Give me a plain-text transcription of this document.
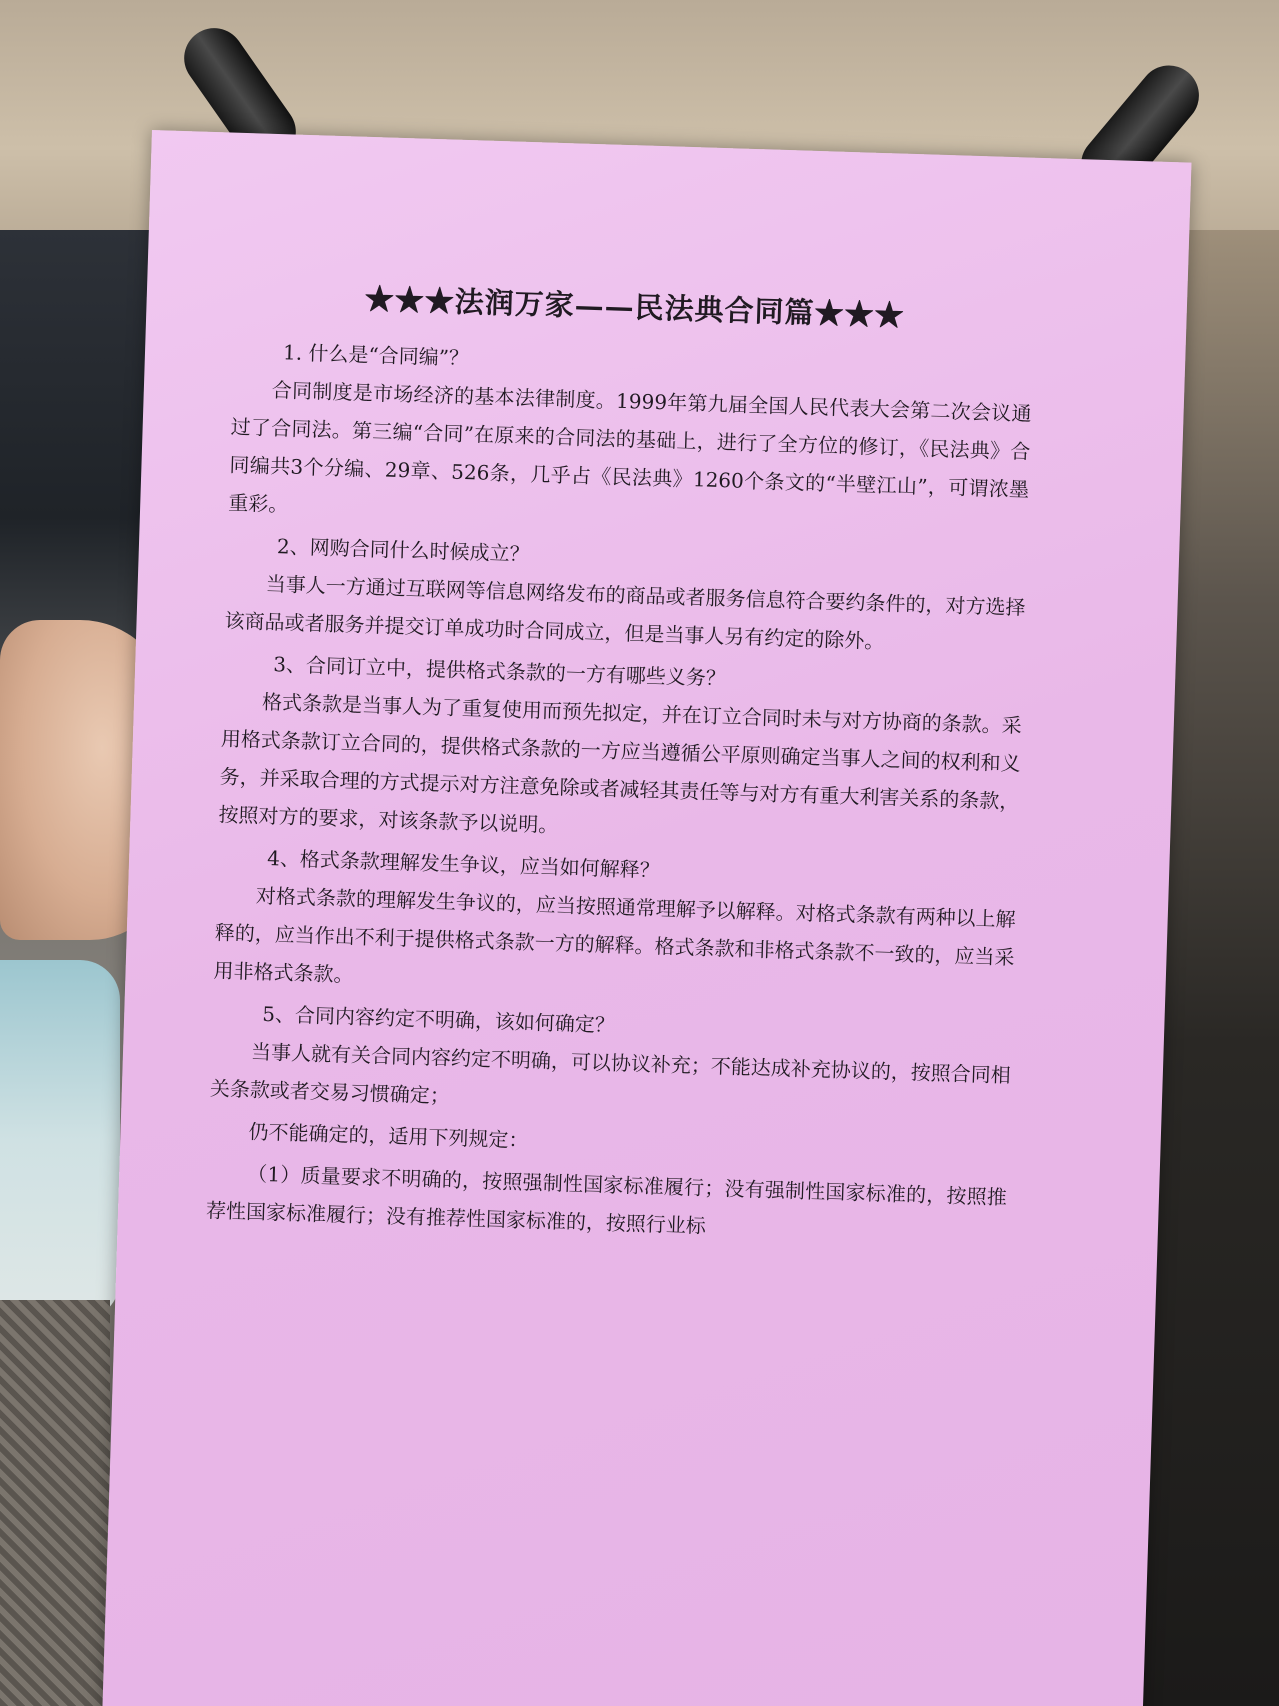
★★★法润万家——民法典合同篇★★★

1. 什么是“合同编”？

合同制度是市场经济的基本法律制度。1999年第九届全国人民代表大会第二次会议通过了合同法。第三编“合同”在原来的合同法的基础上，进行了全方位的修订，《民法典》合同编共3个分编、29章、526条，几乎占《民法典》1260个条文的“半壁江山”，可谓浓墨重彩。

2、网购合同什么时候成立？

当事人一方通过互联网等信息网络发布的商品或者服务信息符合要约条件的，对方选择该商品或者服务并提交订单成功时合同成立，但是当事人另有约定的除外。

3、合同订立中，提供格式条款的一方有哪些义务？

格式条款是当事人为了重复使用而预先拟定，并在订立合同时未与对方协商的条款。采用格式条款订立合同的，提供格式条款的一方应当遵循公平原则确定当事人之间的权利和义务，并采取合理的方式提示对方注意免除或者减轻其责任等与对方有重大利害关系的条款，按照对方的要求，对该条款予以说明。

4、格式条款理解发生争议，应当如何解释？

对格式条款的理解发生争议的，应当按照通常理解予以解释。对格式条款有两种以上解释的，应当作出不利于提供格式条款一方的解释。格式条款和非格式条款不一致的，应当采用非格式条款。

5、合同内容约定不明确，该如何确定？

当事人就有关合同内容约定不明确，可以协议补充；不能达成补充协议的，按照合同相关条款或者交易习惯确定；

仍不能确定的，适用下列规定：

（1）质量要求不明确的，按照强制性国家标准履行；没有强制性国家标准的，按照推荐性国家标准履行；没有推荐性国家标准的，按照行业标
